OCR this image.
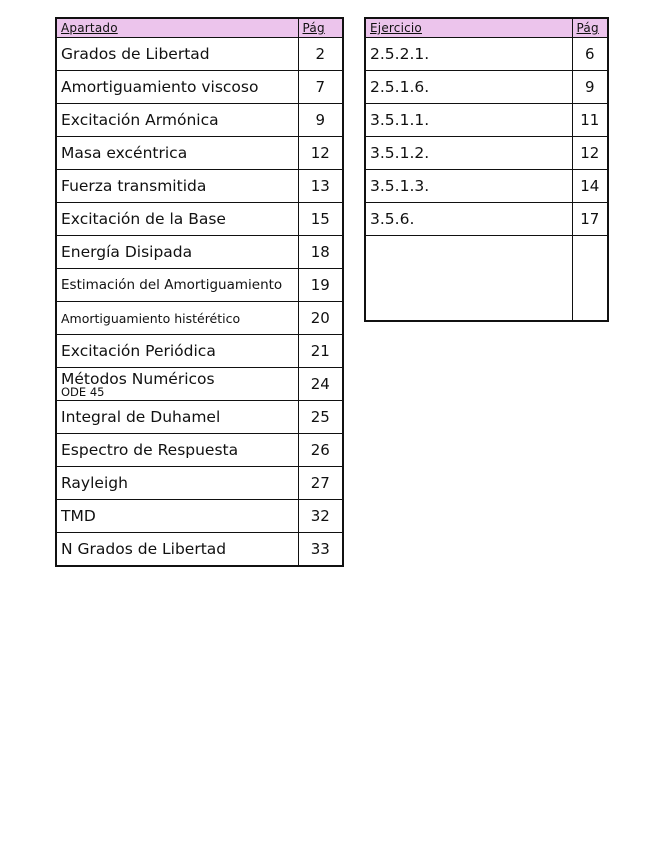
Apartado	Pág
Grados de Libertad	2
Amortiguamiento viscoso	7
Excitación Armónica	9
Masa excéntrica	12
Fuerza transmitida	13
Excitación de la Base	15
Energía Disipada	18
Estimación del Amortiguamiento	19
Amortiguamiento histérético	20
Excitación Periódica	21

Métodos Numéricos
ODE 45	24
Integral de Duhamel	25
Espectro de Respuesta	26
Rayleigh	27
TMD	32
N Grados de Libertad	33
Ejercicio	Pág
2.5.2.1.	6
2.5.1.6.	9
3.5.1.1.	11
3.5.1.2.	12
3.5.1.3.	14
3.5.6.	17
